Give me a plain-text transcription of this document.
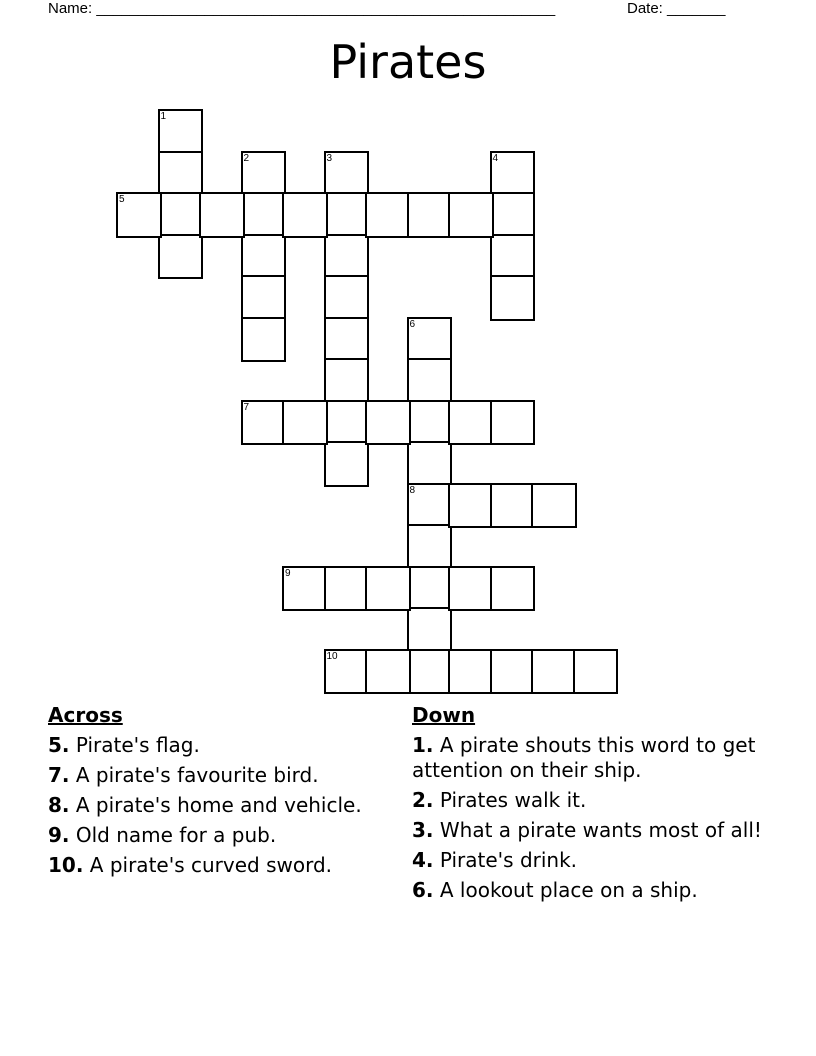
Name: _______________________________________________________	Date: _______
Pirates
1
2	3	4
5
6
8
7
9
10
Across
5. Pirate's flag.
7. A pirate's favourite bird.
8. A pirate's home and vehicle.
9. Old name for a pub.
10. A pirate's curved sword.
Down
1. A pirate shouts this word to get attention on their ship.
2. Pirates walk it.
3. What a pirate wants most of all!
4. Pirate's drink.
6. A lookout place on a ship.
